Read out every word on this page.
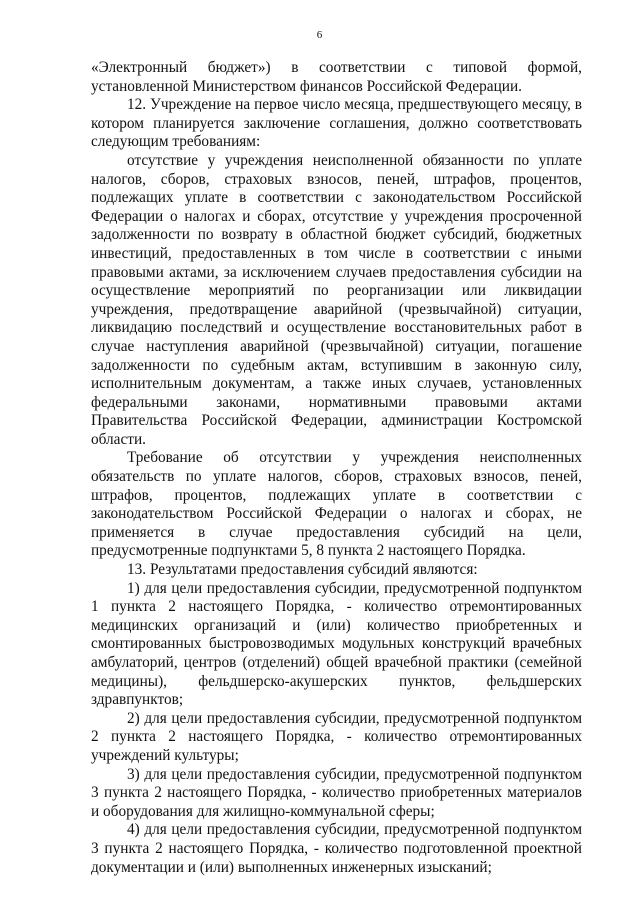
6

«Электронный бюджет») в соответствии с типовой формой, установленной Министерством финансов Российской Федерации.

12. Учреждение на первое число месяца, предшествующего месяцу, в котором планируется заключение соглашения, должно соответствовать следующим требованиям:

отсутствие у учреждения неисполненной обязанности по уплате налогов, сборов, страховых взносов, пеней, штрафов, процентов, подлежащих уплате в соответствии с законодательством Российской Федерации о налогах и сборах, отсутствие у учреждения просроченной задолженности по возврату в областной бюджет субсидий, бюджетных инвестиций, предоставленных в том числе в соответствии с иными правовыми актами, за исключением случаев предоставления субсидии на осуществление мероприятий по реорганизации или ликвидации учреждения, предотвращение аварийной (чрезвычайной) ситуации, ликвидацию последствий и осуществление восстановительных работ в случае наступления аварийной (чрезвычайной) ситуации, погашение задолженности по судебным актам, вступившим в законную силу, исполнительным документам, а также иных случаев, установленных федеральными законами, нормативными правовыми актами Правительства Российской Федерации, администрации Костромской области.

Требование об отсутствии у учреждения неисполненных обязательств по уплате налогов, сборов, страховых взносов, пеней, штрафов, процентов, подлежащих уплате в соответствии с законодательством Российской Федерации о налогах и сборах, не применяется в случае предоставления субсидий на цели, предусмотренные подпунктами 5, 8 пункта 2 настоящего Порядка.

13. Результатами предоставления субсидий являются:

1) для цели предоставления субсидии, предусмотренной подпунктом 1 пункта 2 настоящего Порядка, - количество отремонтированных медицинских организаций и (или) количество приобретенных и смонтированных быстровозводимых модульных конструкций врачебных амбулаторий, центров (отделений) общей врачебной практики (семейной медицины), фельдшерско-акушерских пунктов, фельдшерских здравпунктов;

2) для цели предоставления субсидии, предусмотренной подпунктом 2 пункта 2 настоящего Порядка, - количество отремонтированных учреждений культуры;

3) для цели предоставления субсидии, предусмотренной подпунктом 3 пункта 2 настоящего Порядка, - количество приобретенных материалов и оборудования для жилищно-коммунальной сферы;

4) для цели предоставления субсидии, предусмотренной подпунктом 3 пункта 2 настоящего Порядка, - количество подготовленной проектной документации и (или) выполненных инженерных изысканий;
